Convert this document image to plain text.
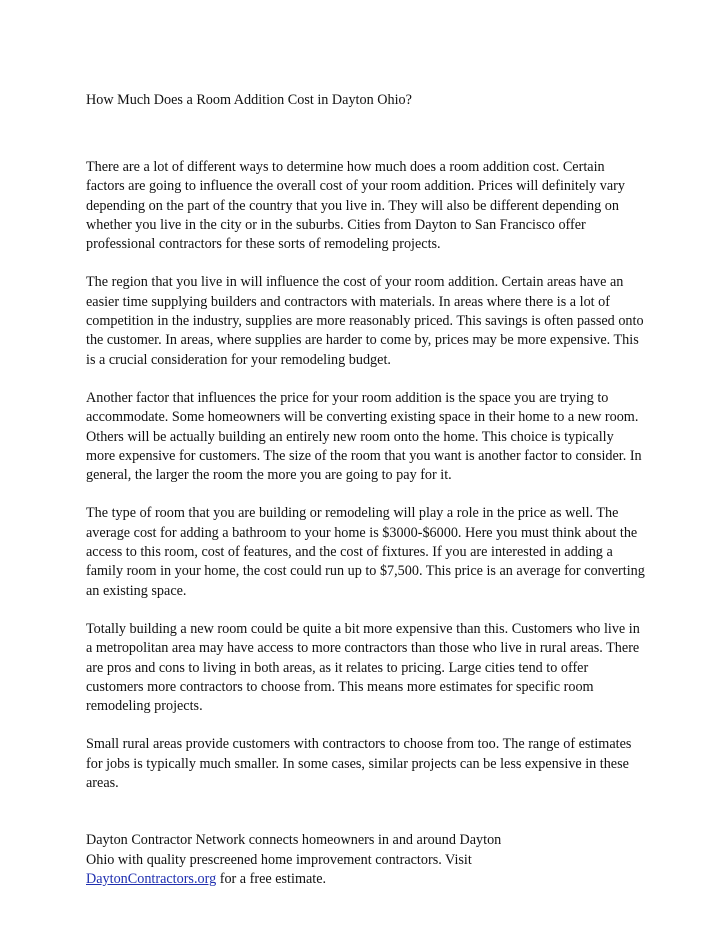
How Much Does a Room Addition Cost in Dayton Ohio?

There are a lot of different ways to determine how much does a room addition cost. Certain factors are going to influence the overall cost of your room addition. Prices will definitely vary depending on the part of the country that you live in. They will also be different depending on whether you live in the city or in the suburbs. Cities from Dayton to San Francisco offer professional contractors for these sorts of remodeling projects.

The region that you live in will influence the cost of your room addition. Certain areas have an easier time supplying builders and contractors with materials. In areas where there is a lot of competition in the industry, supplies are more reasonably priced. This savings is often passed onto the customer. In areas, where supplies are harder to come by, prices may be more expensive. This is a crucial consideration for your remodeling budget.

Another factor that influences the price for your room addition is the space you are trying to accommodate. Some homeowners will be converting existing space in their home to a new room. Others will be actually building an entirely new room onto the home. This choice is typically more expensive for customers. The size of the room that you want is another factor to consider. In general, the larger the room the more you are going to pay for it.

The type of room that you are building or remodeling will play a role in the price as well. The average cost for adding a bathroom to your home is $3000-$6000. Here you must think about the access to this room, cost of features, and the cost of fixtures. If you are interested in adding a family room in your home, the cost could run up to $7,500. This price is an average for converting an existing space.

Totally building a new room could be quite a bit more expensive than this. Customers who live in a metropolitan area may have access to more contractors than those who live in rural areas. There are pros and cons to living in both areas, as it relates to pricing. Large cities tend to offer customers more contractors to choose from. This means more estimates for specific room remodeling projects.

Small rural areas provide customers with contractors to choose from too. The range of estimates for jobs is typically much smaller. In some cases, similar projects can be less expensive in these areas.

Dayton Contractor Network connects homeowners in and around Dayton
Ohio with quality prescreened home improvement contractors. Visit
DaytonContractors.org for a free estimate.
